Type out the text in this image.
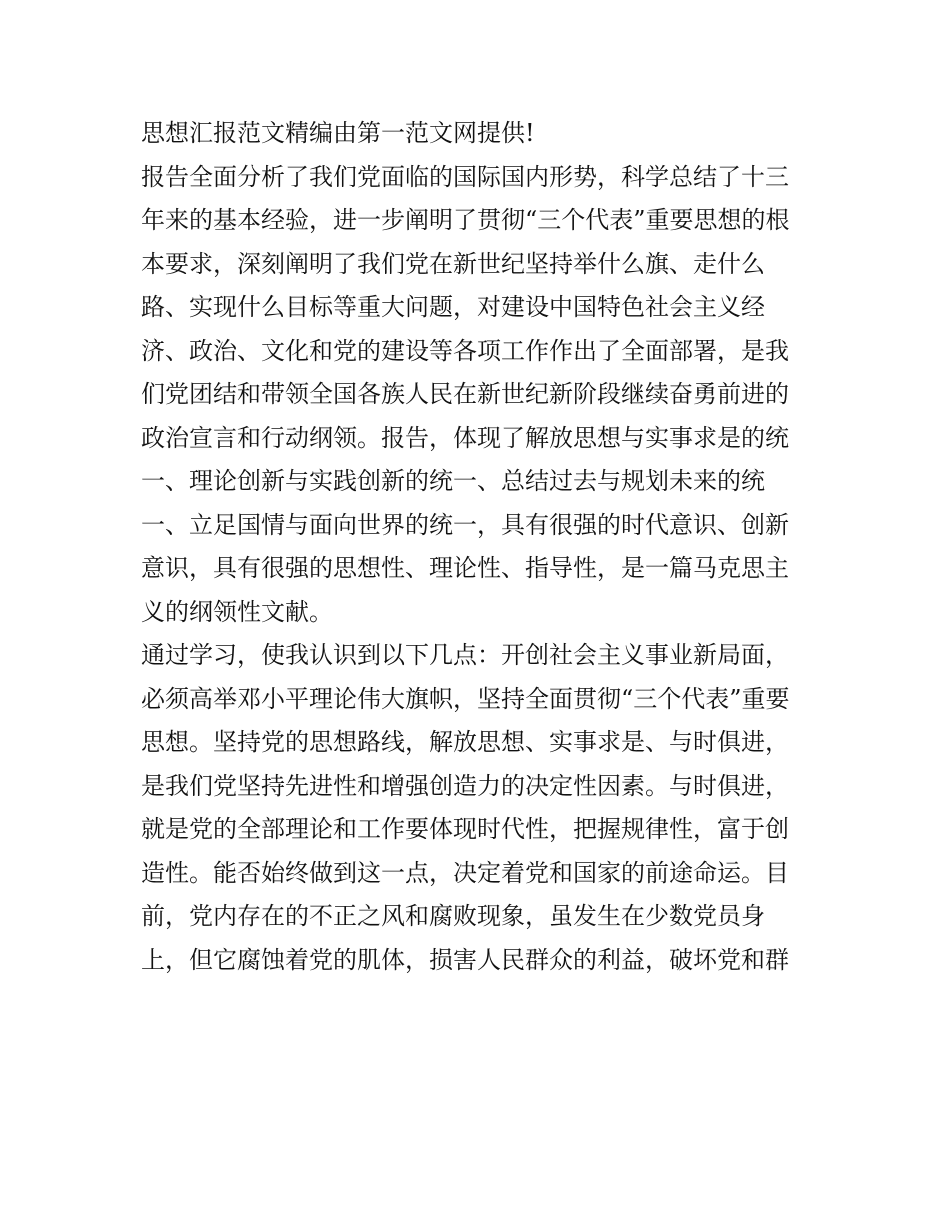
思想汇报范文精编由第一范文网提供!
报告全面分析了我们党面临的国际国内形势，科学总结了十三
年来的基本经验，进一步阐明了贯彻“三个代表”重要思想的根
本要求，深刻阐明了我们党在新世纪坚持举什么旗、走什么
路、实现什么目标等重大问题，对建设中国特色社会主义经
济、政治、文化和党的建设等各项工作作出了全面部署，是我
们党团结和带领全国各族人民在新世纪新阶段继续奋勇前进的
政治宣言和行动纲领。报告，体现了解放思想与实事求是的统
一、理论创新与实践创新的统一、总结过去与规划未来的统
一、立足国情与面向世界的统一，具有很强的时代意识、创新
意识，具有很强的思想性、理论性、指导性，是一篇马克思主
义的纲领性文献。
通过学习，使我认识到以下几点：开创社会主义事业新局面，
必须高举邓小平理论伟大旗帜，坚持全面贯彻“三个代表”重要
思想。坚持党的思想路线，解放思想、实事求是、与时俱进，
是我们党坚持先进性和增强创造力的决定性因素。与时俱进，
就是党的全部理论和工作要体现时代性，把握规律性，富于创
造性。能否始终做到这一点，决定着党和国家的前途命运。目
前，党内存在的不正之风和腐败现象，虽发生在少数党员身
上，但它腐蚀着党的肌体，损害人民群众的利益，破坏党和群
